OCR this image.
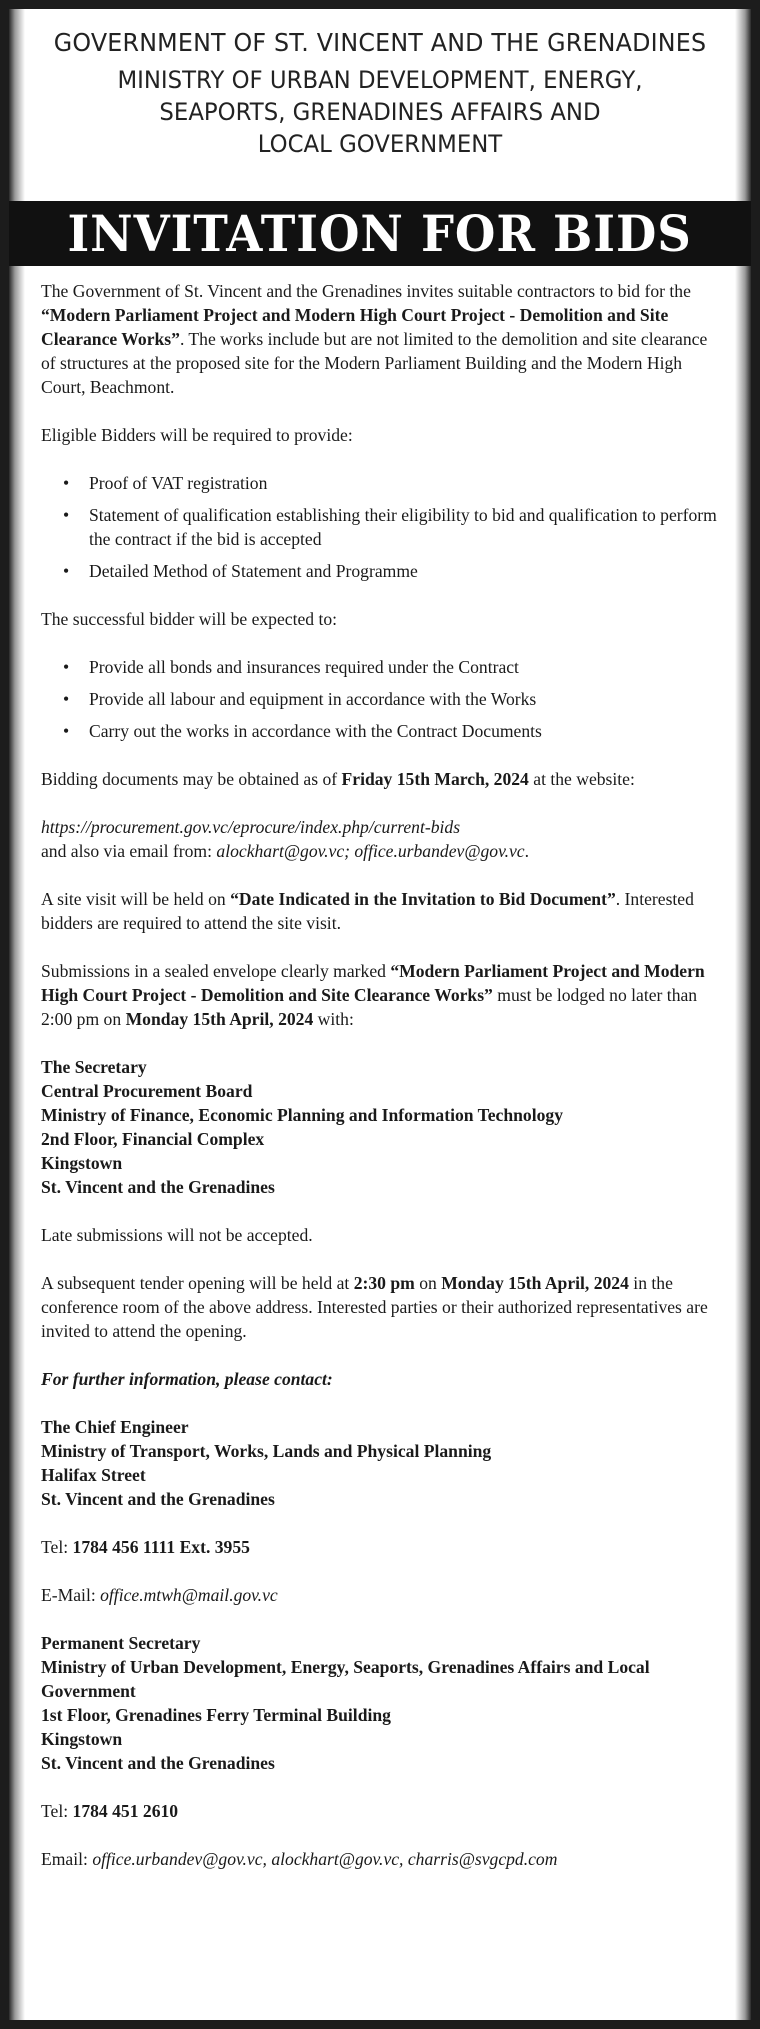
GOVERNMENT OF ST. VINCENT AND THE GRENADINES
MINISTRY OF URBAN DEVELOPMENT, ENERGY,
SEAPORTS, GRENADINES AFFAIRS AND
LOCAL GOVERNMENT
INVITATION FOR BIDS
The Government of St. Vincent and the Grenadines invites suitable contractors to bid for the “Modern Parliament Project and Modern High Court Project - Demolition and Site Clearance Works”. The works include but are not limited to the demolition and site clearance of structures at the proposed site for the Modern Parliament Building and the Modern High Court, Beachmont.
Eligible Bidders will be required to provide:
• Proof of VAT registration
• Statement of qualification establishing their eligibility to bid and qualification to perform the contract if the bid is accepted
• Detailed Method of Statement and Programme
The successful bidder will be expected to:
• Provide all bonds and insurances required under the Contract
• Provide all labour and equipment in accordance with the Works
• Carry out the works in accordance with the Contract Documents
Bidding documents may be obtained as of Friday 15th March, 2024 at the website:
https://procurement.gov.vc/eprocure/index.php/current-bids
and also via email from: alockhart@gov.vc; office.urbandev@gov.vc.
A site visit will be held on “Date Indicated in the Invitation to Bid Document”. Interested bidders are required to attend the site visit.
Submissions in a sealed envelope clearly marked “Modern Parliament Project and Modern High Court Project - Demolition and Site Clearance Works” must be lodged no later than 2:00 pm on Monday 15th April, 2024 with:
The Secretary
Central Procurement Board
Ministry of Finance, Economic Planning and Information Technology
2nd Floor, Financial Complex
Kingstown
St. Vincent and the Grenadines
Late submissions will not be accepted.
A subsequent tender opening will be held at 2:30 pm on Monday 15th April, 2024 in the conference room of the above address. Interested parties or their authorized representatives are invited to attend the opening.
For further information, please contact:
The Chief Engineer
Ministry of Transport, Works, Lands and Physical Planning
Halifax Street
St. Vincent and the Grenadines
Tel: 1784 456 1111 Ext. 3955
E-Mail: office.mtwh@mail.gov.vc
Permanent Secretary
Ministry of Urban Development, Energy, Seaports, Grenadines Affairs and Local Government
1st Floor, Grenadines Ferry Terminal Building
Kingstown
St. Vincent and the Grenadines
Tel: 1784 451 2610
Email: office.urbandev@gov.vc, alockhart@gov.vc, charris@svgcpd.com
